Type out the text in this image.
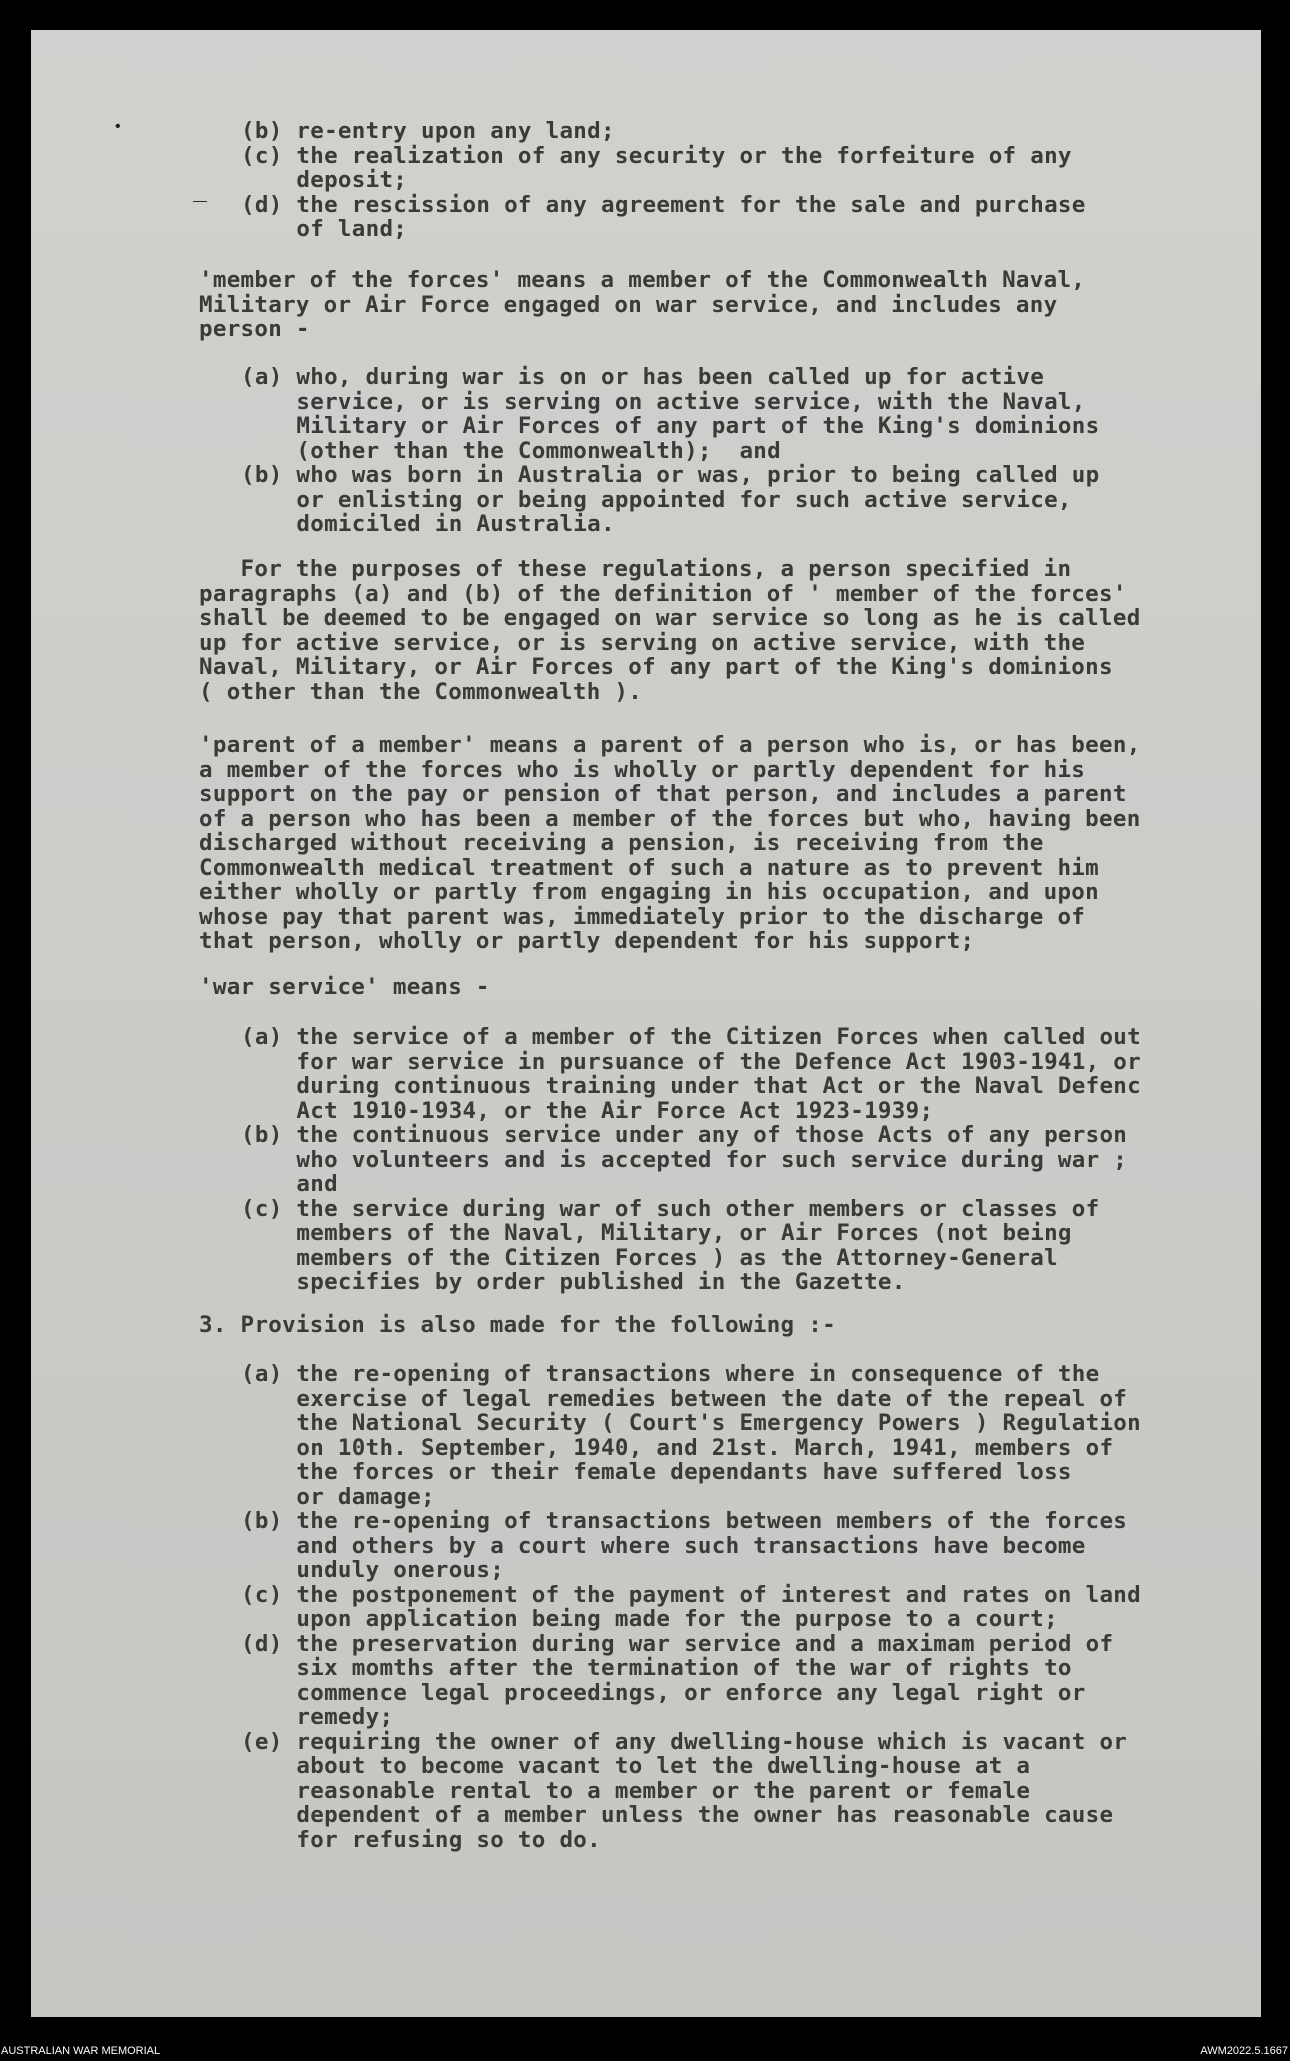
•
—

(b) re-entry upon any land;
(c) the realization of any security or the forfeiture of any
deposit;
(d) the rescission of any agreement for the sale and purchase
of land;

'member of the forces' means a member of the Commonwealth Naval,
Military or Air Force engaged on war service, and includes any
person -

(a) who, during war is on or has been called up for active
service, or is serving on active service, with the Naval,
Military or Air Forces of any part of the King's dominions
(other than the Commonwealth);  and
(b) who was born in Australia or was, prior to being called up
or enlisting or being appointed for such active service,
domiciled in Australia.

For the purposes of these regulations, a person specified in
paragraphs (a) and (b) of the definition of ' member of the forces'
shall be deemed to be engaged on war service so long as he is called
up for active service, or is serving on active service, with the
Naval, Military, or Air Forces of any part of the King's dominions
( other than the Commonwealth ).

'parent of a member' means a parent of a person who is, or has been,
a member of the forces who is wholly or partly dependent for his
support on the pay or pension of that person, and includes a parent
of a person who has been a member of the forces but who, having been
discharged without receiving a pension, is receiving from the
Commonwealth medical treatment of such a nature as to prevent him
either wholly or partly from engaging in his occupation, and upon
whose pay that parent was, immediately prior to the discharge of
that person, wholly or partly dependent for his support;

'war service' means -

(a) the service of a member of the Citizen Forces when called out
for war service in pursuance of the Defence Act 1903-1941, or
during continuous training under that Act or the Naval Defenc
Act 1910-1934, or the Air Force Act 1923-1939;
(b) the continuous service under any of those Acts of any person
who volunteers and is accepted for such service during war ;
and
(c) the service during war of such other members or classes of
members of the Naval, Military, or Air Forces (not being
members of the Citizen Forces ) as the Attorney-General
specifies by order published in the Gazette.

3. Provision is also made for the following :-

(a) the re-opening of transactions where in consequence of the
exercise of legal remedies between the date of the repeal of
the National Security ( Court's Emergency Powers ) Regulation
on 10th. September, 1940, and 21st. March, 1941, members of
the forces or their female dependants have suffered loss
or damage;
(b) the re-opening of transactions between members of the forces
and others by a court where such transactions have become
unduly onerous;
(c) the postponement of the payment of interest and rates on land
upon application being made for the purpose to a court;
(d) the preservation during war service and a maximam period of
six momths after the termination of the war of rights to
commence legal proceedings, or enforce any legal right or
remedy;
(e) requiring the owner of any dwelling-house which is vacant or
about to become vacant to let the dwelling-house at a
reasonable rental to a member or the parent or female
dependent of a member unless the owner has reasonable cause
for refusing so to do.

AUSTRALIAN WAR MEMORIAL	AWM2022.5.1667
